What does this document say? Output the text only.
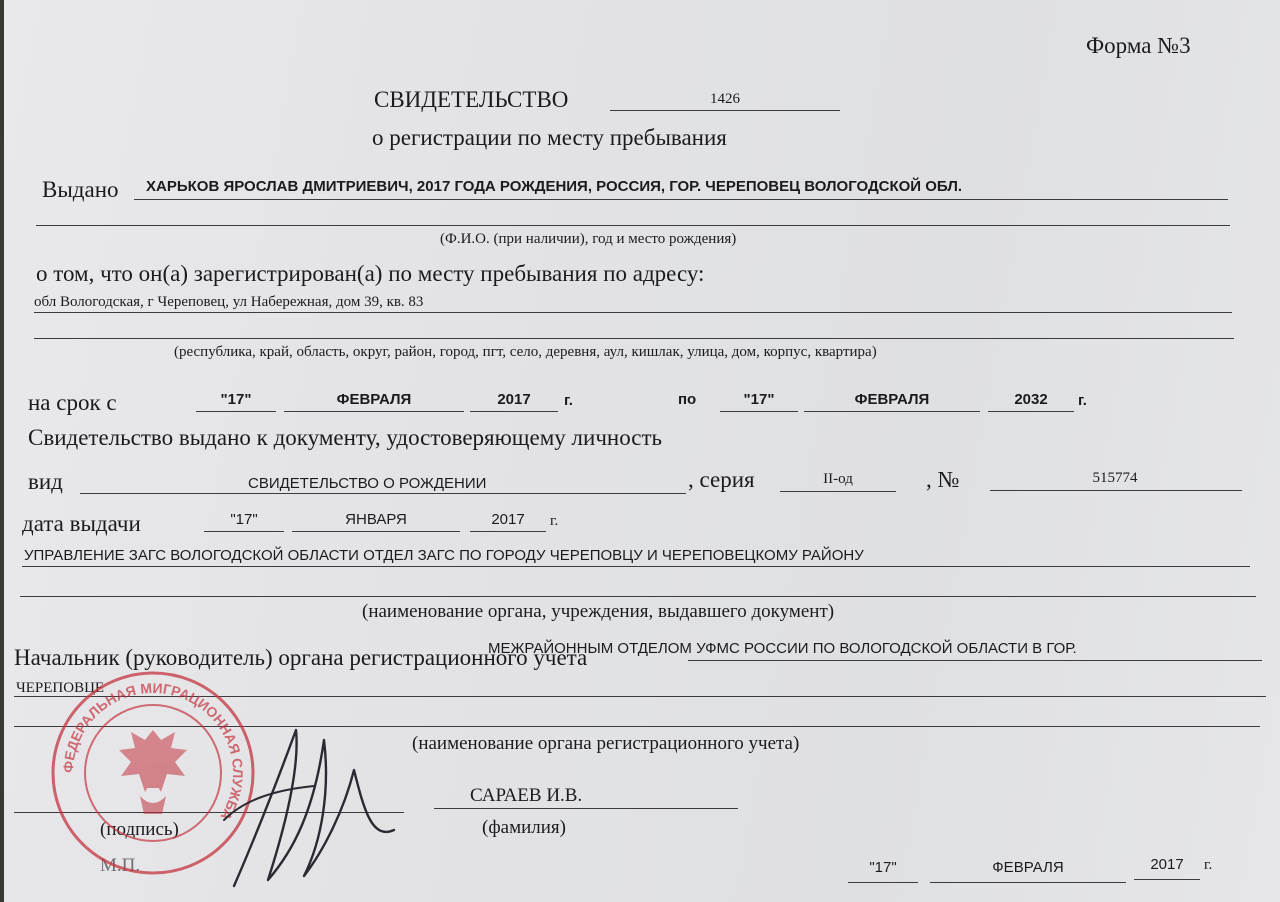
Форма №3
СВИДЕТЕЛЬСТВО	1426
о регистрации по месту пребывания
Выдано ХАРЬКОВ ЯРОСЛАВ ДМИТРИЕВИЧ, 2017 ГОДА РОЖДЕНИЯ, РОССИЯ, ГОР. ЧЕРЕПОВЕЦ ВОЛОГОДСКОЙ ОБЛ.
(Ф.И.О. (при наличии), год и место рождения)
о том, что он(а) зарегистрирован(а) по месту пребывания по адресу:
обл Вологодская, г Череповец, ул Набережная, дом 39, кв. 83
(республика, край, область, округ, район, город, пгт, село, деревня, аул, кишлак, улица, дом, корпус, квартира)
на срок с	"17"	ФЕВРАЛЯ	2017	г.	по	"17"	ФЕВРАЛЯ	2032	г.
Свидетельство выдано к документу, удостоверяющему личность
вид	СВИДЕТЕЛЬСТВО О РОЖДЕНИИ	, серия	II-од	, №	515774
дата выдачи	"17"	ЯНВАРЯ	2017	г.
УПРАВЛЕНИЕ ЗАГС ВОЛОГОДСКОЙ ОБЛАСТИ ОТДЕЛ ЗАГС ПО ГОРОДУ ЧЕРЕПОВЦУ И ЧЕРЕПОВЕЦКОМУ РАЙОНУ
(наименование органа, учреждения, выдавшего документ)
Начальник (руководитель) органа регистрационного учета
МЕЖРАЙОННЫМ ОТДЕЛОМ УФМС РОССИИ ПО ВОЛОГОДСКОЙ ОБЛАСТИ В ГОР.
ЧЕРЕПОВЦЕ
(наименование органа регистрационного учета)
САРАЕВ И.В.
(подпись)	(фамилия)
М.П.	"17"	ФЕВРАЛЯ	2017	г.
ФЕДЕРАЛЬНАЯ МИГРАЦИОННАЯ СЛУЖБА
